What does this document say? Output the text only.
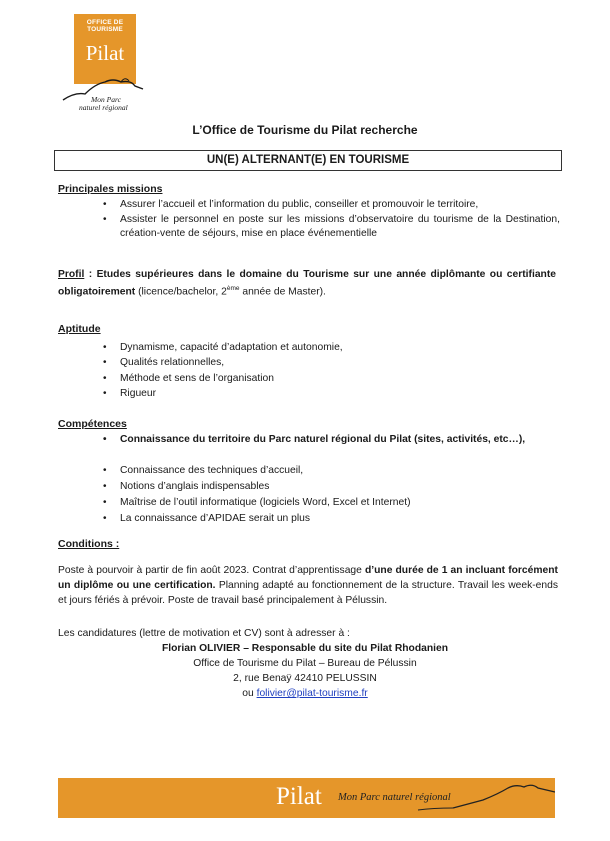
OFFICE DE
TOURISME
Pilat
Mon Parc
naturel régional
L’Office de Tourisme du Pilat recherche
UN(E) ALTERNANT(E) EN TOURISME
Principales missions
• Assurer l’accueil et l’information du public, conseiller et promouvoir le territoire,
• Assister le personnel en poste sur les missions d’observatoire du tourisme de la Destination, création-vente de séjours, mise en place événementielle
Profil : Etudes supérieures dans le domaine du Tourisme sur une année diplômante ou certifiante obligatoirement (licence/bachelor, 2ème année de Master).
Aptitude
• Dynamisme, capacité d’adaptation et autonomie,
• Qualités relationnelles,
• Méthode et sens de l’organisation
• Rigueur
Compétences
• Connaissance du territoire du Parc naturel régional du Pilat (sites, activités, etc…),
• Connaissance des techniques d’accueil,
• Notions d’anglais indispensables
• Maîtrise de l’outil informatique (logiciels Word, Excel et Internet)
• La connaissance d’APIDAE serait un plus
Conditions :
Poste à pourvoir à partir de fin août 2023. Contrat d’apprentissage d’une durée de 1 an incluant forcément un diplôme ou une certification. Planning adapté au fonctionnement de la structure. Travail les week-ends et jours fériés à prévoir. Poste de travail basé principalement à Pélussin.
Les candidatures (lettre de motivation et CV) sont à adresser à :
Florian OLIVIER – Responsable du site du Pilat Rhodanien
Office de Tourisme du Pilat – Bureau de Pélussin
2, rue Benaÿ 42410 PELUSSIN
ou folivier@pilat-tourisme.fr
Pilat Mon Parc naturel régional
